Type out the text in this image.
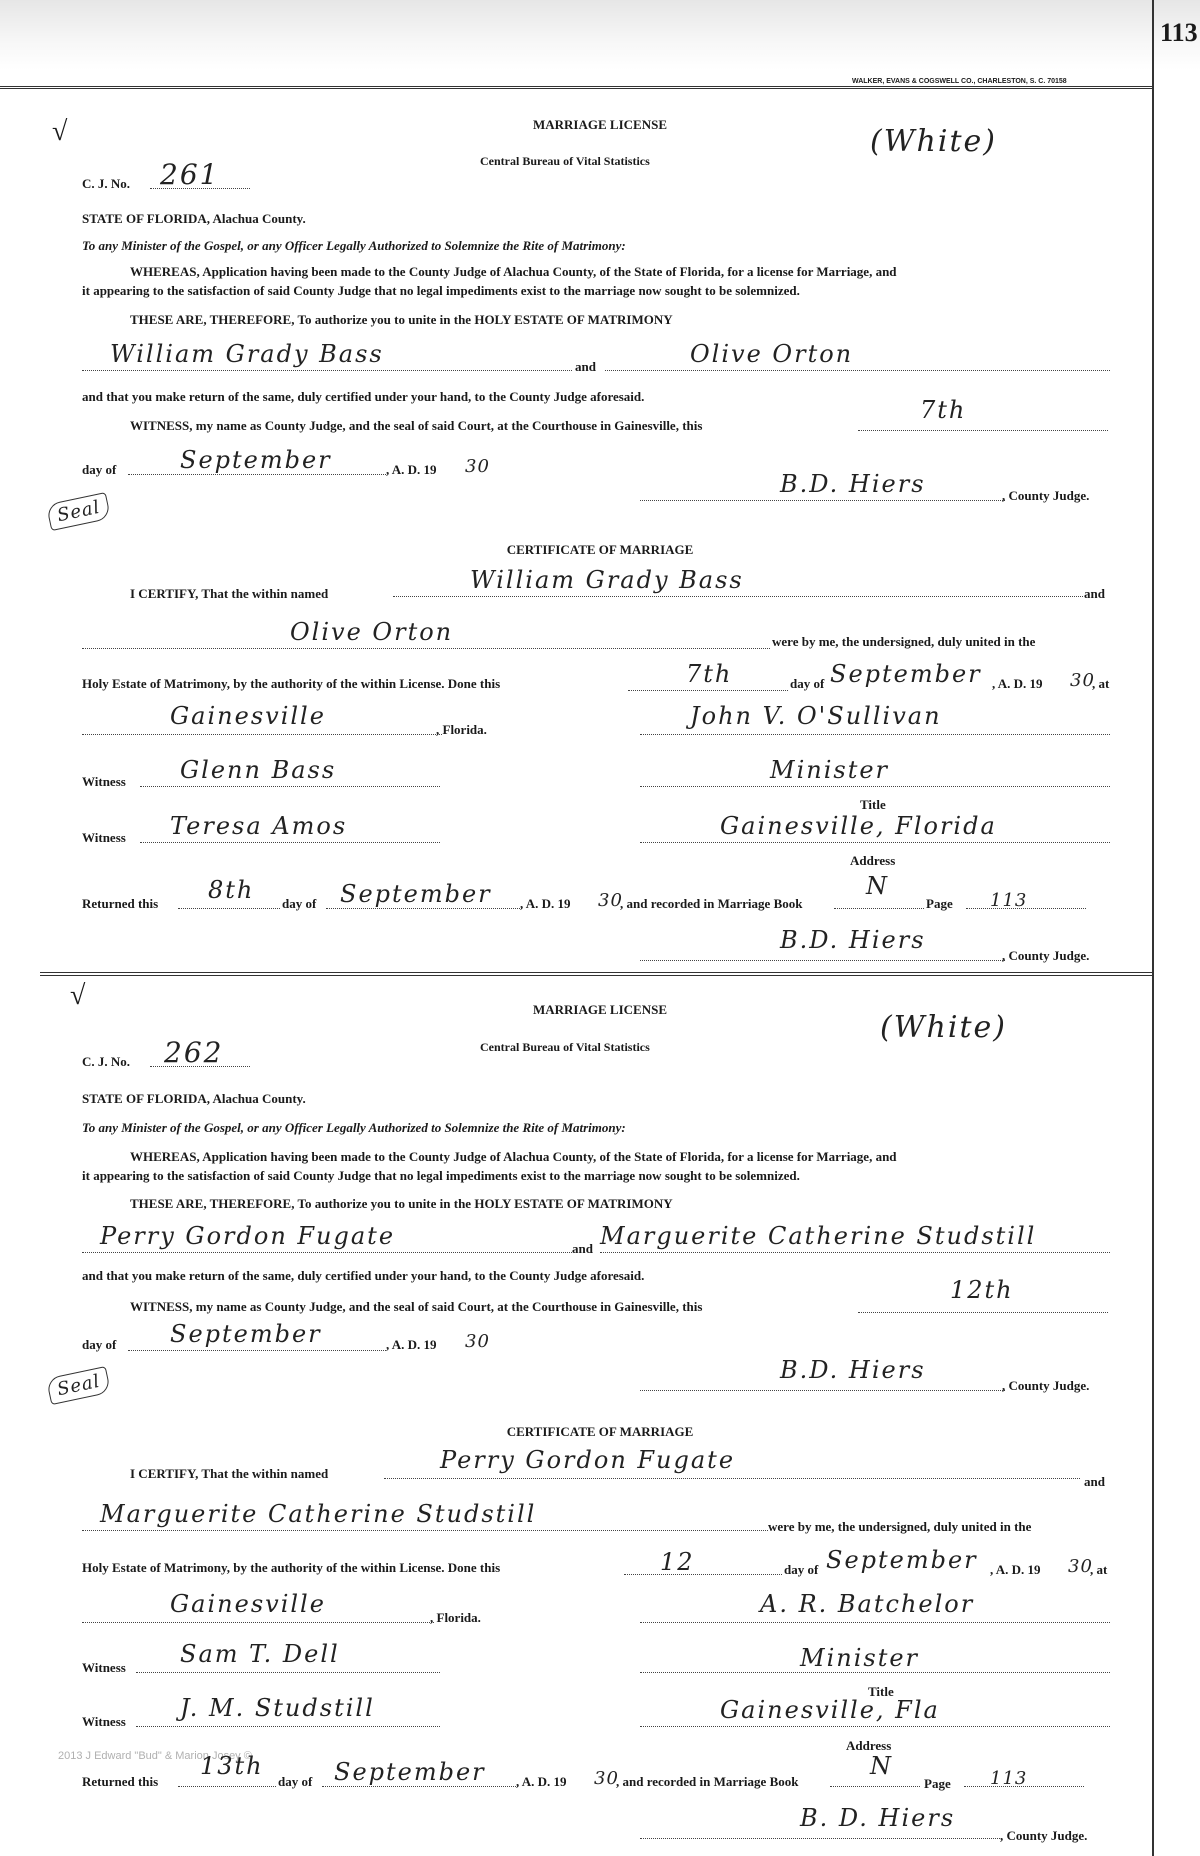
113
WALKER, EVANS & COGSWELL CO., CHARLESTON, S. C. 70158
√	MARRIAGE LICENSE
Central Bureau of Vital Statistics
(White)
C. J. No. 261
STATE OF FLORIDA, Alachua County.
To any Minister of the Gospel, or any Officer Legally Authorized to Solemnize the Rite of Matrimony:
WHEREAS, Application having been made to the County Judge of Alachua County, of the State of Florida, for a license for Marriage, and
it appearing to the satisfaction of said County Judge that no legal impediments exist to the marriage now sought to be solemnized.
THESE ARE, THEREFORE, To authorize you to unite in the HOLY ESTATE OF MATRIMONY
William Grady Bass	and	Olive Orton
and that you make return of the same, duly certified under your hand, to the County Judge aforesaid.
WITNESS, my name as County Judge, and the seal of said Court, at the Courthouse in Gainesville, this
7th
day of	September	, A. D. 19 30
B.D. Hiers	, County Judge.
Seal
CERTIFICATE OF MARRIAGE
I CERTIFY, That the within named	William Grady Bass	and
Olive Orton	were by me, the undersigned, duly united in the
Holy Estate of Matrimony, by the authority of the within License. Done this	7th	day of September , A. D. 19 30
, at
Gainesville	, Florida.	John V. O'Sullivan
Witness Glenn Bass	Minister
Title
Witness Teresa Amos	Gainesville, Florida
Address
Returned this 8th day of September , A. D. 19 30
, and recorded in Marriage Book
N
Page 113
B.D. Hiers
, County Judge.
√	MARRIAGE LICENSE
Central Bureau of Vital Statistics
(White)
C. J. No. 262
STATE OF FLORIDA, Alachua County.
To any Minister of the Gospel, or any Officer Legally Authorized to Solemnize the Rite of Matrimony:
WHEREAS, Application having been made to the County Judge of Alachua County, of the State of Florida, for a license for Marriage, and
it appearing to the satisfaction of said County Judge that no legal impediments exist to the marriage now sought to be solemnized.
THESE ARE, THEREFORE, To authorize you to unite in the HOLY ESTATE OF MATRIMONY
Perry Gordon Fugate	and Marguerite Catherine Studstill
and that you make return of the same, duly certified under your hand, to the County Judge aforesaid.
WITNESS, my name as County Judge, and the seal of said Court, at the Courthouse in Gainesville, this
12th
day of September	, A. D. 19 30
B.D. Hiers
, County Judge.
Seal
CERTIFICATE OF MARRIAGE
I CERTIFY, That the within named	Perry Gordon Fugate
and
Marguerite Catherine Studstill	were by me, the undersigned, duly united in the
Holy Estate of Matrimony, by the authority of the within License. Done this	12	day of September , A. D. 19 30
, at
Gainesville	, Florida.	A. R. Batchelor
Witness Sam T. Dell	Minister
Title
Witness J. M. Studstill	Gainesville, Fla
Address
2013 J Edward "Bud" & Marion Josey ©
Returned this
13th
day of September , A. D. 19 30
, and recorded in Marriage Book
N
Page 113
B. D. Hiers
, County Judge.
